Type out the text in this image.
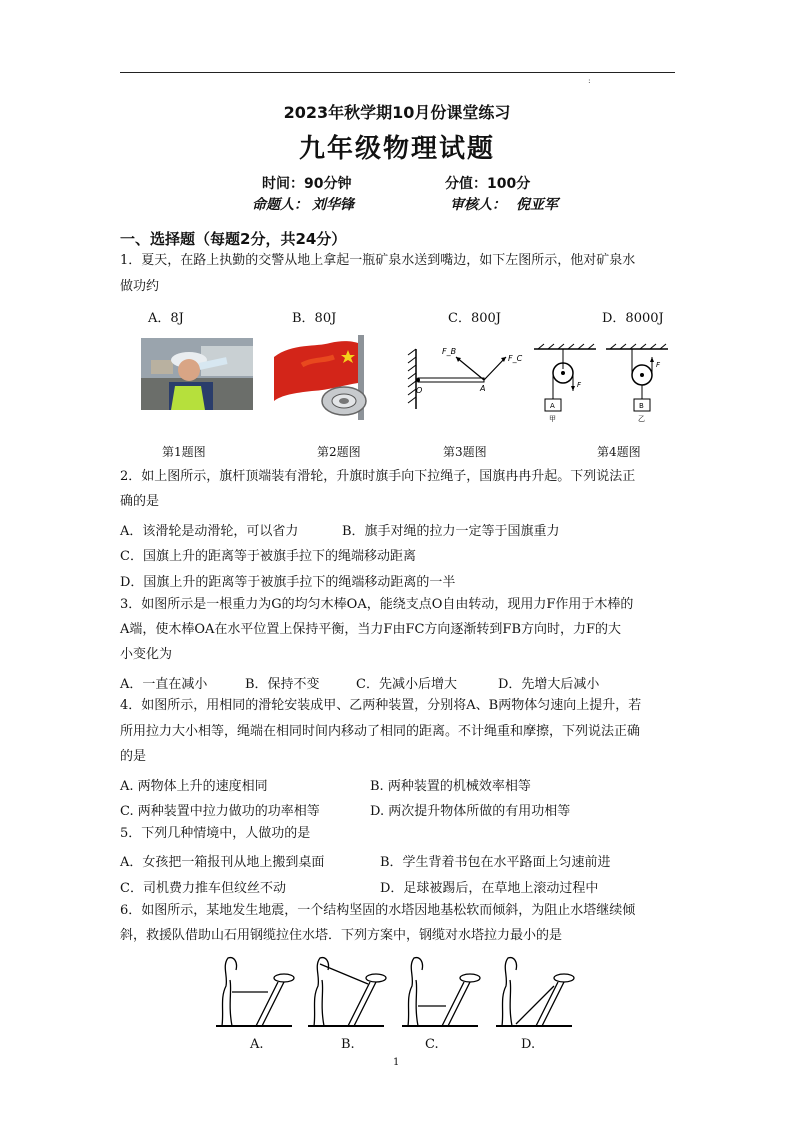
:
2023年秋学期10月份课堂练习
九年级物理试题
时间：90分钟	分值：100分
命题人： 刘华锋	审核人： 倪亚军
一、选择题（每题2分，共24分）
1．夏天，在路上执勤的交警从地上拿起一瓶矿泉水送到嘴边，如下左图所示，他对矿泉水
做功约
A．8J	B．80J	C．800J	D．8000J
F_B
F_C
O	A	F
A
甲
F
B
乙
第1题图	第2题图	第3题图	第4题图
2．如上图所示，旗杆顶端装有滑轮，升旗时旗手向下拉绳子，国旗冉冉升起。下列说法正
确的是
A．该滑轮是动滑轮，可以省力	B．旗手对绳的拉力一定等于国旗重力
C．国旗上升的距离等于被旗手拉下的绳端移动距离
D．国旗上升的距离等于被旗手拉下的绳端移动距离的一半
3．如图所示是一根重力为G的均匀木棒OA，能绕支点O自由转动，现用力F作用于木棒的
A端，使木棒OA在水平位置上保持平衡，当力F由FC方向逐渐转到FB方向时，力F的大
小变化为
A．一直在减小	B．保持不变	C．先减小后增大	D．先增大后减小
4．如图所示，用相同的滑轮安装成甲、乙两种装置，分别将A、B两物体匀速向上提升，若
所用拉力大小相等，绳端在相同时间内移动了相同的距离。不计绳重和摩擦，下列说法正确
的是
A. 两物体上升的速度相同	B. 两种装置的机械效率相等
C. 两种装置中拉力做功的功率相等	D. 两次提升物体所做的有用功相等
5．下列几种情境中，人做功的是
A．女孩把一箱报刊从地上搬到桌面	B．学生背着书包在水平路面上匀速前进
C．司机费力推车但纹丝不动	D．足球被踢后，在草地上滚动过程中
6．如图所示，某地发生地震，一个结构坚固的水塔因地基松软而倾斜，为阻止水塔继续倾
斜，救援队借助山石用钢缆拉住水塔．下列方案中，钢缆对水塔拉力最小的是
A.	B.	C.	D.
1
